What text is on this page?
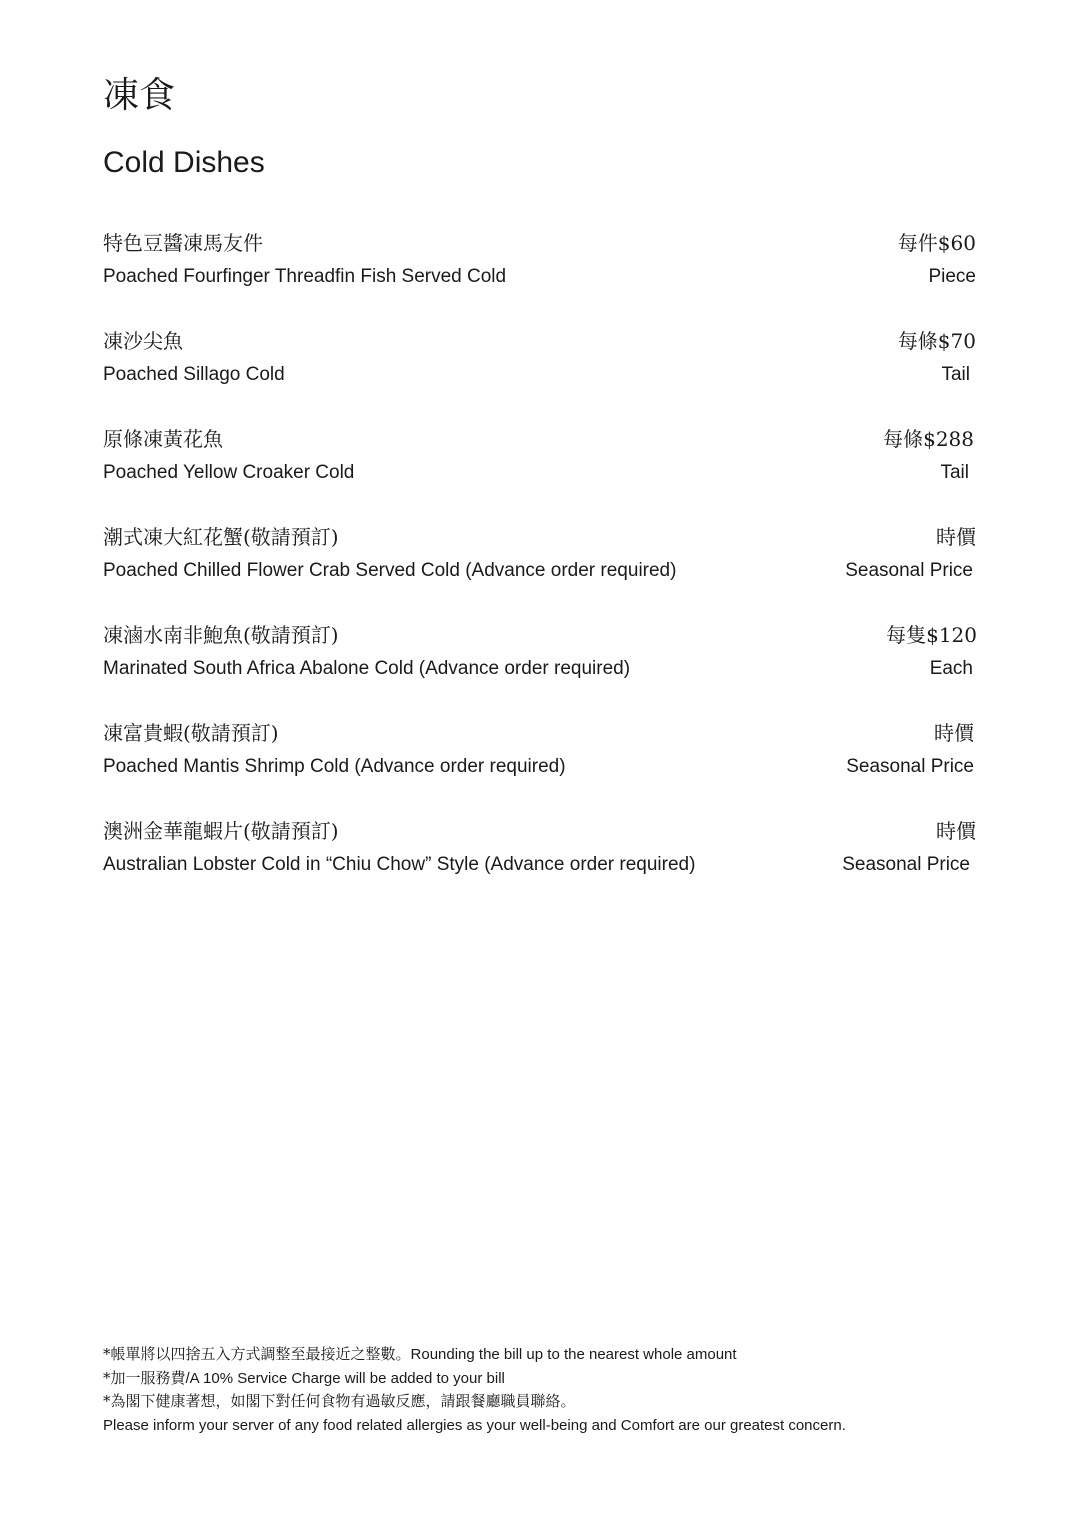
凍食
Cold Dishes
特色豆醬凍馬友件	每件$60
Poached Fourfinger Threadfin Fish Served Cold	Piece
凍沙尖魚	每條$70
Poached Sillago Cold	Tail
原條凍黃花魚	每條$288
Poached Yellow Croaker Cold	Tail
潮式凍大紅花蟹(敬請預訂)	時價
Poached Chilled Flower Crab Served Cold (Advance order required)	Seasonal Price
凍滷水南非鮑魚(敬請預訂)	每隻$120
Marinated South Africa Abalone Cold (Advance order required)	Each
凍富貴蝦(敬請預訂)	時價
Poached Mantis Shrimp Cold (Advance order required)	Seasonal Price
澳洲金華龍蝦片(敬請預訂)	時價
Australian Lobster Cold in “Chiu Chow” Style (Advance order required)	Seasonal Price
*帳單將以四捨五入方式調整至最接近之整數。Rounding the bill up to the nearest whole amount
*加一服務費/A 10% Service Charge will be added to your bill
*為閣下健康著想，如閣下對任何食物有過敏反應，請跟餐廳職員聯絡。
Please inform your server of any food related allergies as your well-being and Comfort are our greatest concern.
